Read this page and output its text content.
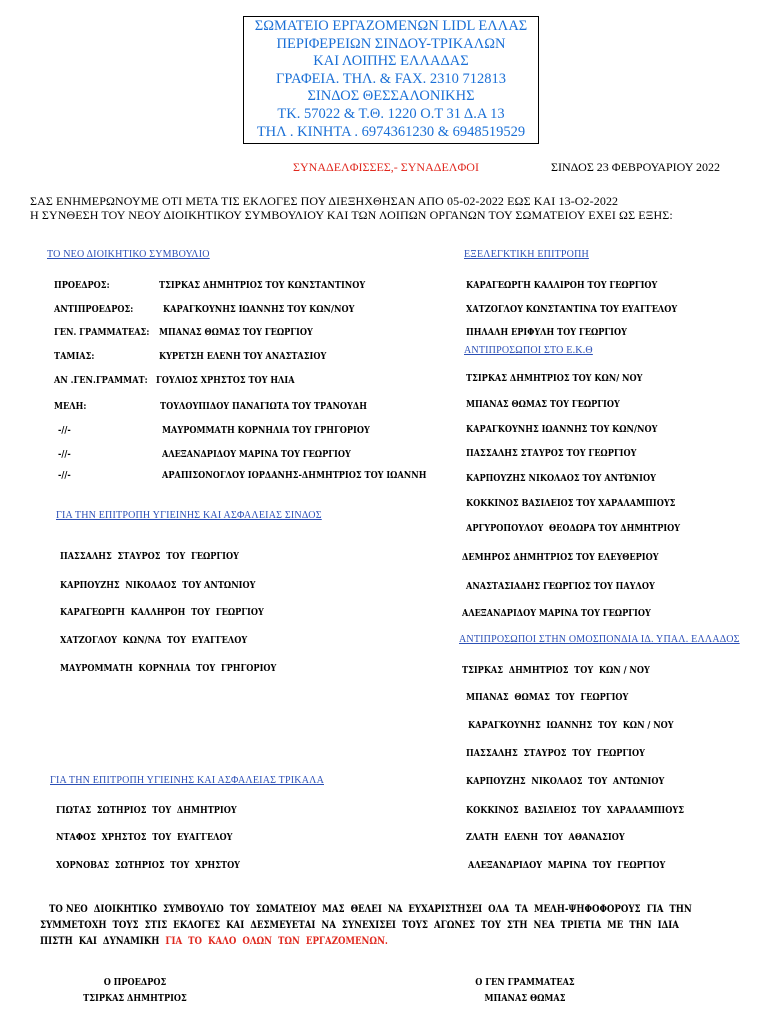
ΣΩΜΑΤΕΙΟ ΕΡΓΑΖΟΜΕΝΩΝ LIDL ΕΛΛΑΣ
ΠΕΡΙΦΕΡΕΙΩΝ ΣΙΝΔΟΥ-ΤΡΙΚΑΛΩΝ
ΚΑΙ ΛΟΙΠΗΣ ΕΛΛΑΔΑΣ
ΓΡΑΦΕΙΑ. ΤΗΛ. & FAX. 2310 712813
ΣΙΝΔΟΣ ΘΕΣΣΑΛΟΝΙΚΗΣ
ΤΚ. 57022 & Τ.Θ. 1220 Ο.Τ 31 Δ.Α 13
ΤΗΛ . ΚΙΝΗΤΑ . 6974361230 & 6948519529
ΣΥΝΑΔΕΛΦΙΣΣΕΣ,- ΣΥΝΑΔΕΛΦΟΙ	ΣΙΝΔΟΣ 23 ΦΕΒΡΟΥΑΡΙΟΥ 2022
ΣΑΣ ΕΝΗΜΕΡΩΝΟΥΜΕ ΟΤΙ ΜΕΤΑ ΤΙΣ ΕΚΛΟΓΕΣ ΠΟΥ ΔΙΕΞΗΧΘΗΣΑΝ ΑΠΟ 05-02-2022 ΕΩΣ ΚΑΙ 13-Ο2-2022
Η ΣΥΝΘΕΣΗ ΤΟΥ ΝΕΟΥ ΔΙΟΙΚΗΤΙΚΟΥ ΣΥΜΒΟΥΛΙΟΥ ΚΑΙ ΤΩΝ ΛΟΙΠΩΝ ΟΡΓΑΝΩΝ ΤΟΥ ΣΩΜΑΤΕΙΟΥ ΕΧΕΙ ΩΣ ΕΞΗΣ:
ΤΟ ΝΕΟ ΔΙΟΙΚΗΤΙΚΟ ΣΥΜΒΟΥΛΙΟ
ΠΡΟΕΔΡΟΣ:	ΤΣΙΡΚΑΣ ΔΗΜΗΤΡΙΟΣ ΤΟΥ ΚΩΝΣΤΑΝΤΙΝΟΥ
ΑΝΤΙΠΡΟΕΔΡΟΣ:	ΚΑΡΑΓΚΟΥΝΗΣ ΙΩΑΝΝΗΣ ΤΟΥ ΚΩΝ/ΝΟΥ
ΓΕΝ. ΓΡΑΜΜΑΤΕΑΣ: ΜΠΑΝΑΣ ΘΩΜΑΣ ΤΟΥ ΓΕΩΡΓΙΟΥ
ΤΑΜΙΑΣ:	ΚΥΡΕΤΣΗ ΕΛΕΝΗ ΤΟΥ ΑΝΑΣΤΑΣΙΟΥ
ΑΝ .ΓΕΝ.ΓΡΑΜΜΑΤ: ΓΟΥΛΙΟΣ ΧΡΗΣΤΟΣ ΤΟΥ ΗΛΙΑ
ΜΕΛΗ:	ΤΟΥΛΟΥΠΙΔΟΥ ΠΑΝΑΓΙΩΤΑ ΤΟΥ ΤΡΑΝΟΥΔΗ
-//-	ΜΑΥΡΟΜΜΑΤΗ ΚΟΡΝΗΛΙΑ ΤΟΥ ΓΡΗΓΟΡΙΟΥ
-//-	ΑΛΕΞΑΝΔΡΙΔΟΥ ΜΑΡΙΝΑ ΤΟΥ ΓΕΩΡΓΙΟΥ
-//-	ΑΡΑΠΙΣΟΝΟΓΛΟΥ ΙΟΡΔΑΝΗΣ-ΔΗΜΗΤΡΙΟΣ ΤΟΥ ΙΩΑΝΝΗ
ΕΞΕΛΕΓΚΤΙΚΗ ΕΠΙΤΡΟΠΗ
ΚΑΡΑΓΕΩΡΓΗ ΚΑΛΛΙΡΟΗ ΤΟΥ ΓΕΩΡΓΙΟΥ
ΧΑΤΖΟΓΛΟΥ ΚΩΝΣΤΑΝΤΙΝΑ ΤΟΥ ΕΥΑΓΓΕΛΟΥ
ΠΗΛΑΛΗ ΕΡΙΦΥΛΗ ΤΟΥ ΓΕΩΡΓΙΟΥ
ΑΝΤΙΠΡΟΣΩΠΟΙ ΣΤΟ Ε.Κ.Θ
ΤΣΙΡΚΑΣ ΔΗΜΗΤΡΙΟΣ ΤΟΥ ΚΩΝ/ ΝΟΥ
ΜΠΑΝΑΣ ΘΩΜΑΣ ΤΟΥ ΓΕΩΡΓΙΟΥ
ΚΑΡΑΓΚΟΥΝΗΣ ΙΩΑΝΝΗΣ ΤΟΥ ΚΩΝ/ΝΟΥ
ΠΑΣΣΑΛΗΣ ΣΤΑΥΡΟΣ ΤΟΥ ΓΕΩΡΓΙΟΥ
ΚΑΡΠΟΥΖΗΣ ΝΙΚΟΛΑΟΣ ΤΟΥ ΑΝΤΏΝΙΟΥ
ΚΟΚΚΙΝΟΣ ΒΑΣΙΛΕΙΟΣ ΤΟΥ ΧΑΡΑΛΑΜΠΙΟΥΣ
ΑΡΓΥΡΟΠΟΥΛΟΥ  ΘΕΟΔΩΡΑ ΤΟΥ ΔΗΜΗΤΡΙΟΥ
ΔΕΜΗΡΟΣ ΔΗΜΗΤΡΙΟΣ ΤΟΥ ΕΛΕΥΘΕΡΙΟΥ
ΑΝΑΣΤΑΣΙΑΔΗΣ ΓΕΩΡΓΙΟΣ ΤΟΥ ΠΑΥΛΟΥ
ΑΛΕΞΑΝΔΡΙΔΟΥ ΜΑΡΙΝΑ ΤΟΥ ΓΕΩΡΓΙΟΥ
ΓΙΑ ΤΗΝ ΕΠΙΤΡΟΠΗ ΥΓΙΕΙΝΗΣ ΚΑΙ ΑΣΦΑΛΕΙΑΣ ΣΙΝΔΟΣ
ΠΑΣΣΑΛΗΣ  ΣΤΑΥΡΟΣ  ΤΟΥ  ΓΕΩΡΓΙΟΥ
ΚΑΡΠΟΥΖΗΣ  ΝΙΚΟΛΑΟΣ  ΤΟΥ ΑΝΤΩΝΙΟΥ
ΚΑΡΑΓΕΩΡΓΗ  ΚΑΛΛΗΡΟΗ  ΤΟΥ  ΓΕΩΡΓΙΟΥ
ΧΑΤΖΟΓΛΟΥ  ΚΩΝ/ΝΑ  ΤΟΥ  ΕΥΑΓΓΕΛΟΥ
ΜΑΥΡΟΜΜΑΤΗ  ΚΟΡΝΗΛΙΑ  ΤΟΥ  ΓΡΗΓΟΡΙΟΥ
ΑΝΤΙΠΡΟΣΩΠΟΙ ΣΤΗΝ ΟΜΟΣΠΟΝΔΙΑ ΙΔ. ΥΠΑΛ. ΕΛΛΑΔΟΣ
ΤΣΙΡΚΑΣ  ΔΗΜΗΤΡΙΟΣ  ΤΟΥ  ΚΩΝ / ΝΟΥ
ΜΠΑΝΑΣ  ΘΩΜΑΣ  ΤΟΥ  ΓΕΩΡΓΙΟΥ
ΚΑΡΑΓΚΟΥΝΗΣ  ΙΩΑΝΝΗΣ  ΤΟΥ  ΚΩΝ / ΝΟΥ
ΠΑΣΣΑΛΗΣ  ΣΤΑΥΡΟΣ  ΤΟΥ  ΓΕΩΡΓΙΟΥ
ΚΑΡΠΟΥΖΗΣ  ΝΙΚΟΛΑΟΣ  ΤΟΥ  ΑΝΤΩΝΙΟΥ
ΚΟΚΚΙΝΟΣ  ΒΑΣΙΛΕΙΟΣ  ΤΟΥ  ΧΑΡΑΛΑΜΠΙΟΥΣ
ΖΛΑΤΗ  ΕΛΕΝΗ  ΤΟΥ  ΑΘΑΝΑΣΙΟΥ
ΑΛΕΞΑΝΔΡΙΔΟΥ  ΜΑΡΙΝΑ  ΤΟΥ  ΓΕΩΡΓΙΟΥ
ΓΙΑ ΤΗΝ ΕΠΙΤΡΟΠΗ ΥΓΙΕΙΝΗΣ ΚΑΙ ΑΣΦΑΛΕΙΑΣ ΤΡΙΚΑΛΑ
ΓΙΩΤΑΣ  ΣΩΤΗΡΙΟΣ  ΤΟΥ  ΔΗΜΗΤΡΙΟΥ
ΝΤΑΦΟΣ  ΧΡΗΣΤΟΣ  ΤΟΥ  ΕΥΑΓΓΕΛΟΥ
ΧΟΡΝΟΒΑΣ  ΣΩΤΗΡΙΟΣ  ΤΟΥ  ΧΡΗΣΤΟΥ
ΤΟ ΝΕΟ  ΔΙΟΙΚΗΤΙΚΟ  ΣΥΜΒΟΥΛΙΟ  ΤΟΥ  ΣΩΜΑΤΕΙΟΥ  ΜΑΣ  ΘΕΛΕΙ  ΝΑ  ΕΥΧΑΡΙΣΤΗΣΕΙ  ΟΛΑ  ΤΑ  ΜΕΛΗ-ΨΗΦΟΦΟΡΟΥΣ  ΓΙΑ  ΤΗΝ
ΣΥΜΜΕΤΟΧΗ  ΤΟΥΣ  ΣΤΙΣ  ΕΚΛΟΓΕΣ  ΚΑΙ  ΔΕΣΜΕΥΕΤΑΙ  ΝΑ  ΣΥΝΕΧΙΣΕΙ  ΤΟΥΣ  ΑΓΩΝΕΣ  ΤΟΥ  ΣΤΗ  ΝΕΑ  ΤΡΙΕΤΙΑ  ΜΕ  ΤΗΝ  ΙΔΙΑ
ΠΙΣΤΗ  ΚΑΙ  ΔΥΝΑΜΙΚΗ  ΓΙΑ  ΤΟ  ΚΑΛΟ  ΟΛΩΝ  ΤΩΝ  ΕΡΓΑΖΟΜΕΝΩΝ.
Ο ΠΡΟΕΔΡΟΣ
ΤΣΙΡΚΑΣ ΔΗΜΗΤΡΙΟΣ
Ο ΓΕΝ ΓΡΑΜΜΑΤΕΑΣ
ΜΠΑΝΑΣ ΘΩΜΑΣ
